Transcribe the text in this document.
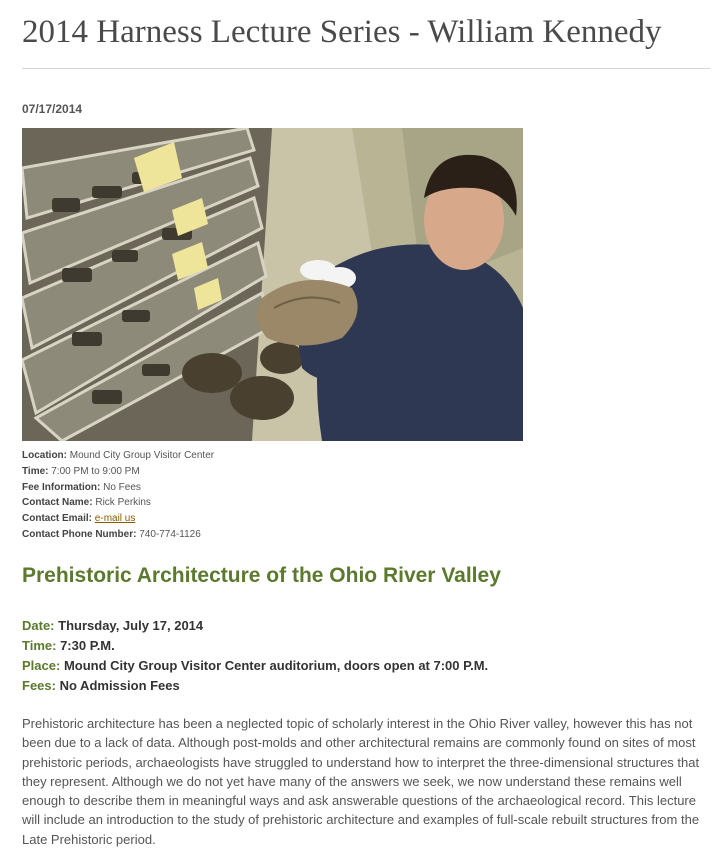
2014 Harness Lecture Series - William Kennedy
07/17/2014
Location: Mound City Group Visitor Center
Time: 7:00 PM to 9:00 PM
Fee Information: No Fees
Contact Name: Rick Perkins
Contact Email: e-mail us
Contact Phone Number: 740-774-1126
Prehistoric Architecture of the Ohio River Valley
Date: Thursday, July 17, 2014
Time: 7:30 P.M.
Place: Mound City Group Visitor Center auditorium, doors open at 7:00 P.M.
Fees: No Admission Fees

Prehistoric architecture has been a neglected topic of scholarly interest in the Ohio River valley, however this has not been due to a lack of data. Although post-molds and other architectural remains are commonly found on sites of most prehistoric periods, archaeologists have struggled to understand how to interpret the three-dimensional structures that they represent. Although we do not yet have many of the answers we seek, we now understand these remains well enough to describe them in meaningful ways and ask answerable questions of the archaeological record. This lecture will include an introduction to the study of prehistoric architecture and examples of full-scale rebuilt structures from the Late Prehistoric period.
